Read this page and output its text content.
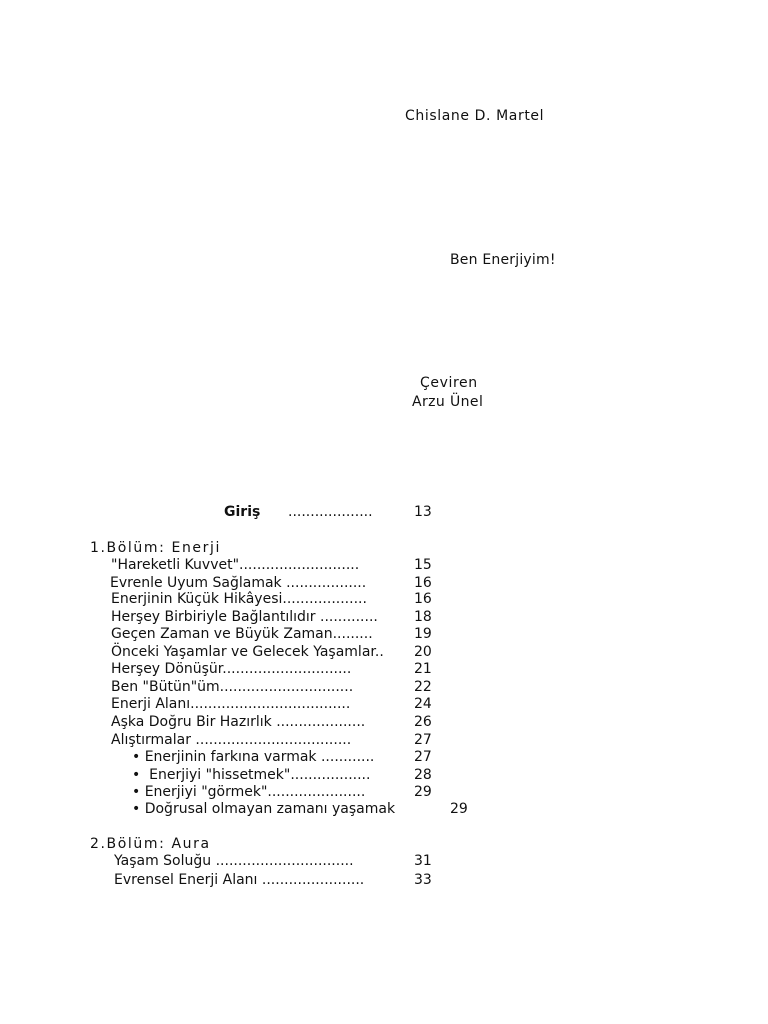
Chislane D. Martel
Ben Enerjiyim!
Çeviren
Arzu Ünel
Giriş ...................	13
1.Bölüm: Enerji
"Hareketli Kuvvet"...........................	15
Evrenle Uyum Sağlamak ..................	16
Enerjinin Küçük Hikâyesi...................	16
Herşey Birbiriyle Bağlantılıdır .............	18
Geçen Zaman ve Büyük Zaman.........	19
Önceki Yaşamlar ve Gelecek Yaşamlar.. 20
Herşey Dönüşür.............................	21
Ben "Bütün"üm..............................	22
Enerji Alanı....................................	24
Aşka Doğru Bir Hazırlık ....................	26
Alıştırmalar ...................................	27
• Enerjinin farkına varmak ............	27
•  Enerjiyi "hissetmek"..................	28
• Enerjiyi "görmek"......................	29
• Doğrusal olmayan zamanı yaşamak	29
2.Bölüm: Aura
Yaşam Soluğu ...............................	31
Evrensel Enerji Alanı .......................	33
